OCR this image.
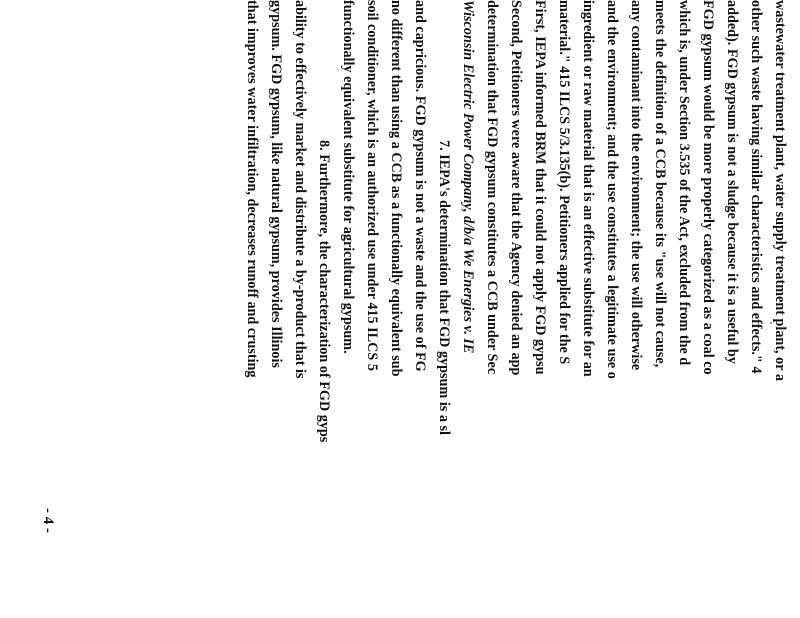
wastewater treatment plant, water supply treatment plant, or a
other such waste having similar characteristics and effects." 4
added). FGD gypsum is not a sludge because it is a useful by
FGD gypsum would be more properly categorized as a coal co
which is, under Section 3.535 of the Act, excluded from the d
meets the definition of a CCB because its "use will not cause,
any contaminant into the environment; the use will otherwise
and the environment; and the use constitutes a legitimate use o
ingredient or raw material that is an effective substitute for an
material." 415 ILCS 5/3.135(b). Petitioners applied for the S
First, IEPA informed BRM that it could not apply FGD gypsu
Second, Petitioners were aware that the Agency denied an app
determination that FGD gypsum constitutes a CCB under Sec
Wisconsin Electric Power Company, d/b/a We Energies v. IE
7. IEPA's determination that FGD gypsum is a sl
and capricious. FGD gypsum is not a waste and the use of FG
no different than using a CCB as a functionally equivalent sub
soil conditioner, which is an authorized use under 415 ILCS 5
functionally equivalent substitute for agricultural gypsum.
8. Furthermore, the characterization of FGD gyps
ability to effectively market and distribute a by-product that is
gypsum. FGD gypsum, like natural gypsum, provides Illinois
that improves water infiltration, decreases runoff and crusting
- 4 -
